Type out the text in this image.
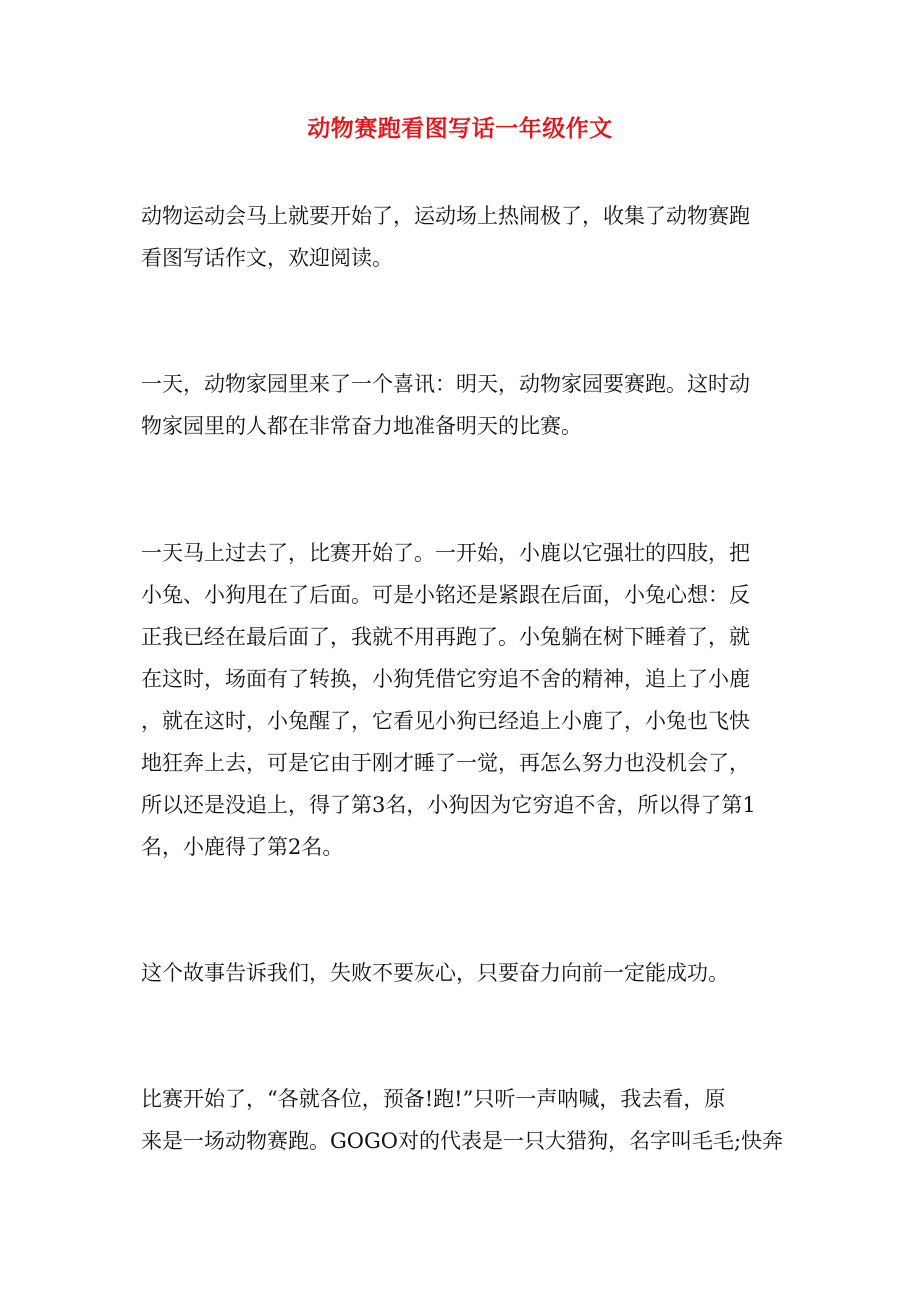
动物赛跑看图写话一年级作文
动物运动会马上就要开始了，运动场上热闹极了，收集了动物赛跑
看图写话作文，欢迎阅读。
一天，动物家园里来了一个喜讯：明天，动物家园要赛跑。这时动
物家园里的人都在非常奋力地准备明天的比赛。
一天马上过去了，比赛开始了。一开始，小鹿以它强壮的四肢，把
小兔、小狗甩在了后面。可是小铭还是紧跟在后面，小兔心想：反
正我已经在最后面了，我就不用再跑了。小兔躺在树下睡着了，就
在这时，场面有了转换，小狗凭借它穷追不舍的精神，追上了小鹿
，就在这时，小兔醒了，它看见小狗已经追上小鹿了，小兔也飞快
地狂奔上去，可是它由于刚才睡了一觉，再怎么努力也没机会了，
所以还是没追上，得了第3名，小狗因为它穷追不舍，所以得了第1
名，小鹿得了第2名。
这个故事告诉我们，失败不要灰心，只要奋力向前一定能成功。
比赛开始了，“各就各位，预备!跑!”只听一声呐喊，我去看，原
来是一场动物赛跑。GOGO对的代表是一只大猎狗，名字叫毛毛;快奔
